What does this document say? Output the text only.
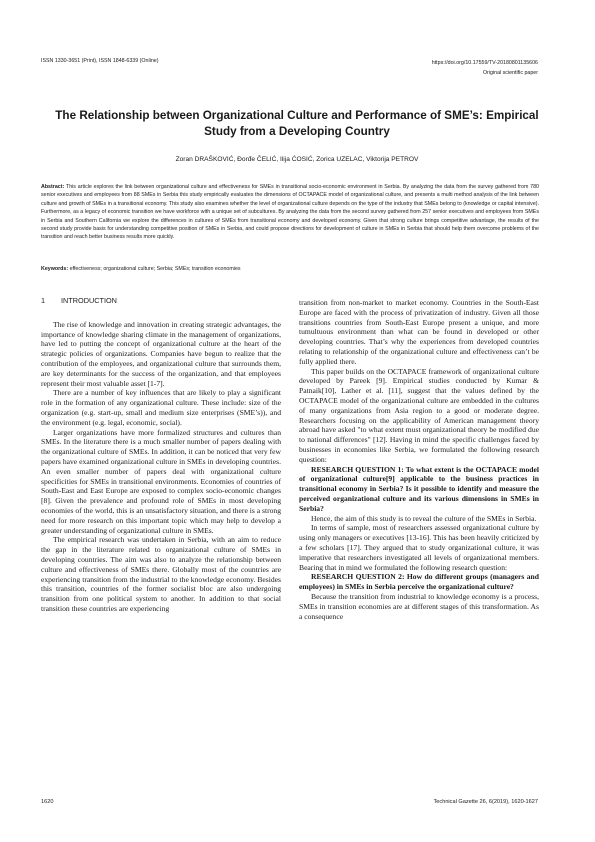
ISSN 1330-3651 (Print), ISSN 1848-6339 (Online)	https://doi.org/10.17559/TV-20180801135606
Original scientific paper
The Relationship between Organizational Culture and Performance of SME’s: Empirical Study from a Developing Country
Zoran DRAŠKOVIĆ, Đorđe ČELIĆ, Ilija ĆOSIĆ, Zorica UZELAC, Viktorija PETROV
Abstract: This article explores the link between organizational culture and effectiveness for SMEs in transitional socio-economic environment in Serbia. By analyzing the data from the survey gathered from 780 senior executives and employees from 88 SMEs in Serbia this study empirically evaluates the dimensions of OCTAPACE model of organizational culture, and presents a multi method analysis of the link between culture and growth of SMEs in a transitional economy. This study also examines whether the level of organizational culture depends on the type of the industry that SMEs belong to (knowledge or capital intensive). Furthermore, as a legacy of economic transition we have workforce with a unique set of subcultures. By analyzing the data from the second survey gathered from 257 senior executives and employees from SMEs in Serbia and Southern California we explore the differences in cultures of SMEs from transitional economy and developed economy. Given that strong culture brings competitive advantage, the results of the second study provide basis for understanding competitive position of SMEs in Serbia, and could propose directions for development of culture in SMEs in Serbia that should help them overcome problems of the transition and reach better business results more quickly.
Keywords: effectiveness; organizational culture; Serbia; SMEs; transition economies
1 INTRODUCTION

The rise of knowledge and innovation in creating strategic advantages, the importance of knowledge sharing climate in the management of organizations, have led to putting the concept of organizational culture at the heart of the strategic policies of organizations. Companies have begun to realize that the contribution of the employees, and organizational culture that surrounds them, are key determinants for the success of the organization, and that employees represent their most valuable asset [1-7].

There are a number of key influences that are likely to play a significant role in the formation of any organizational culture. These include: size of the organization (e.g. start-up, small and medium size enterprises (SME’s)), and the environment (e.g. legal, economic, social).

Larger organizations have more formalized structures and cultures than SMEs. In the literature there is a much smaller number of papers dealing with the organizational culture of SMEs. In addition, it can be noticed that very few papers have examined organizational culture in SMEs in developing countries. An even smaller number of papers deal with organizational culture specificities for SMEs in transitional environments. Economies of countries of South-East and East Europe are exposed to complex socio-economic changes [8]. Given the prevalence and profound role of SMEs in most developing economies of the world, this is an unsatisfactory situation, and there is a strong need for more research on this important topic which may help to develop a greater understanding of organizational culture in SMEs.

The empirical research was undertaken in Serbia, with an aim to reduce the gap in the literature related to organizational culture of SMEs in developing countries. The aim was also to analyze the relationship between culture and effectiveness of SMEs there. Globally most of the countries are experiencing transition from the industrial to the knowledge economy. Besides this transition, countries of the former socialist bloc are also undergoing transition from one political system to another. In addition to that social transition these countries are experiencing

transition from non-market to market economy. Countries in the South-East Europe are faced with the process of privatization of industry. Given all those transitions countries from South-East Europe present a unique, and more tumultuous environment than what can be found in developed or other developing countries. That’s why the experiences from developed countries relating to relationship of the organizational culture and effectiveness can’t be fully applied there.

This paper builds on the OCTAPACE framework of organizational culture developed by Pareek [9]. Empirical studies conducted by Kumar & Patnaik[10], Lather et al. [11], suggest that the values defined by the OCTAPACE model of the organizational culture are embedded in the cultures of many organizations from Asia region to a good or moderate degree. Researchers focusing on the applicability of American management theory abroad have asked "to what extent must organizational theory be modified due to national differences" [12]. Having in mind the specific challenges faced by businesses in economies like Serbia, we formulated the following research question:

RESEARCH QUESTION 1: To what extent is the OCTAPACE model of organizational culture[9] applicable to the business practices in transitional economy in Serbia? Is it possible to identify and measure the perceived organizational culture and its various dimensions in SMEs in Serbia?

Hence, the aim of this study is to reveal the culture of the SMEs in Serbia.

In terms of sample, most of researchers assessed organizational culture by using only managers or executives [13-16]. This has been heavily criticized by a few scholars [17]. They argued that to study organizational culture, it was imperative that researchers investigated all levels of organizational members. Bearing that in mind we formulated the following research question:

RESEARCH QUESTION 2: How do different groups (managers and employees) in SMEs in Serbia perceive the organizational culture?

Because the transition from industrial to knowledge economy is a process, SMEs in transition economies are at different stages of this transformation. As a consequence

1620	Technical Gazette 26, 6(2019), 1620-1627
